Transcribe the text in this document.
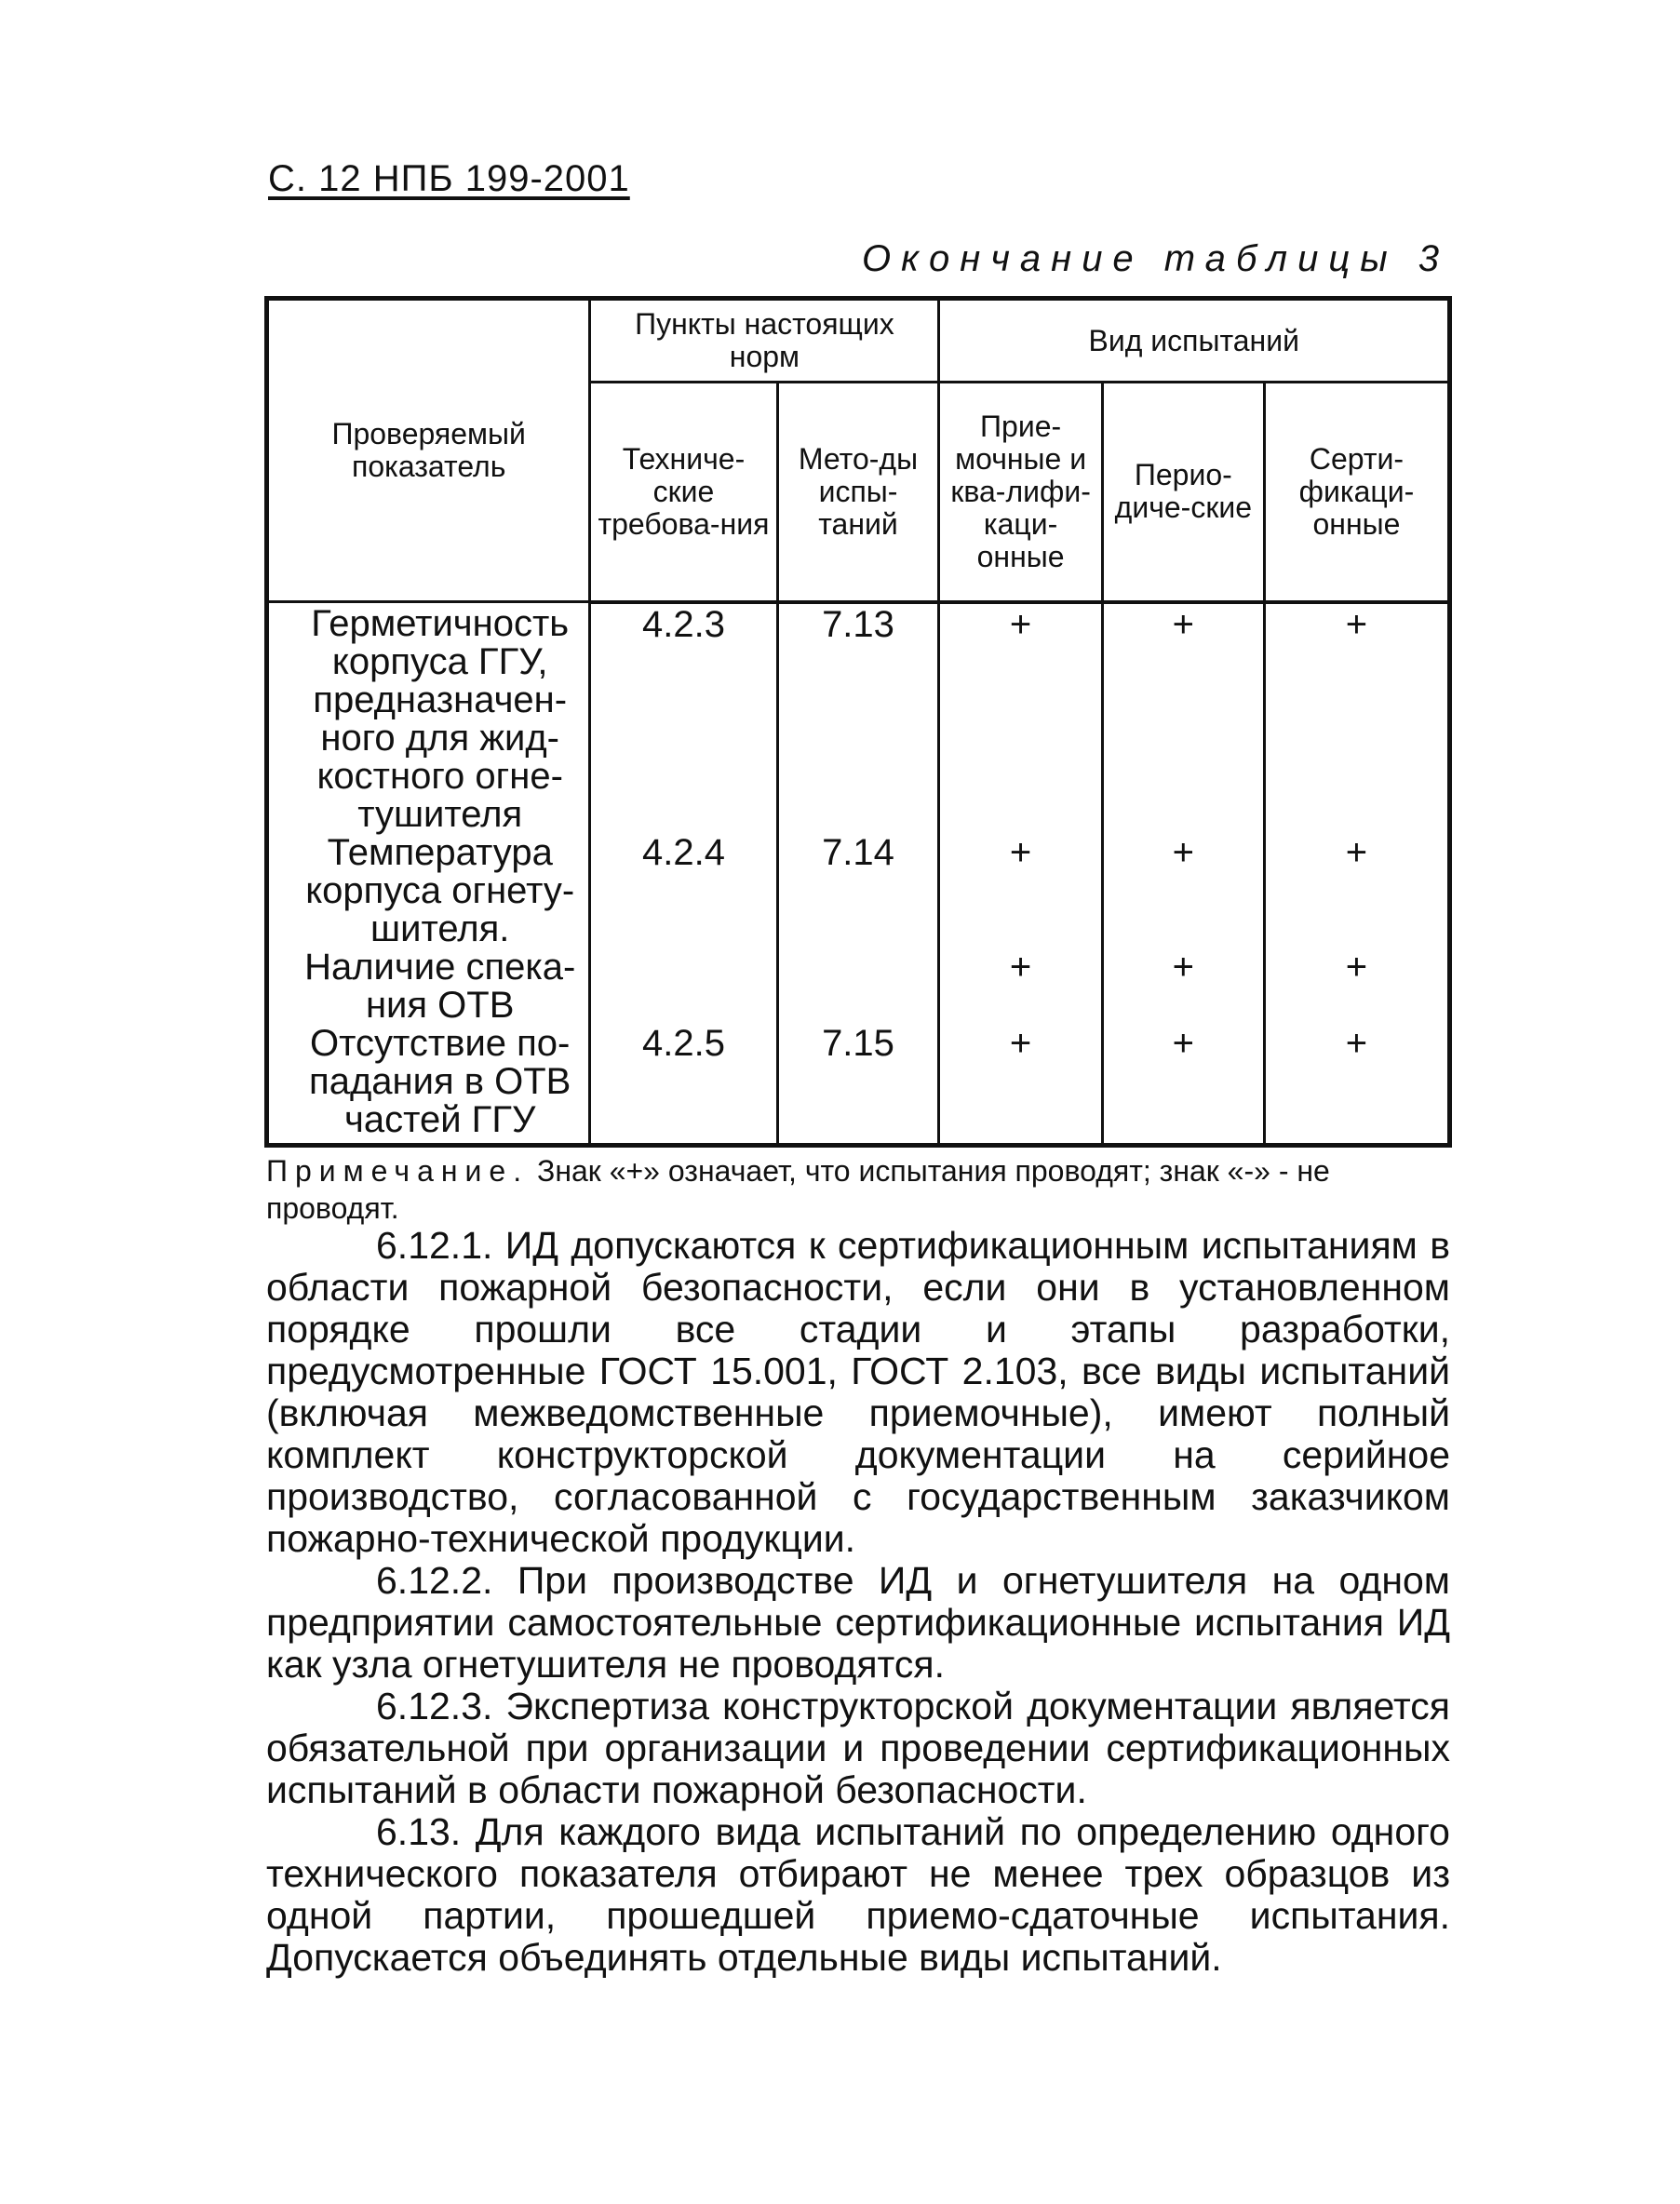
С. 12 НПБ 199-2001
Окончание таблицы 3
Проверяемый показатель	Пункты настоящих норм		Вид испытаний		
	Техниче-ские требова-ния	Мето-ды испы-таний	Прие-мочные и ква-лифи-каци-онные	Перио-диче-ские	Серти-фикаци-онные
Герметичность корпуса ГГУ, предназначен-ного для жид-костного огне-тушителя	4.2.3	7.13	+	+	+
Температура корпуса огнету-шителя.	4.2.4	7.14	+	+	+
Наличие спека-ния ОТВ			+	+	+
Отсутствие по-падания в ОТВ частей ГГУ	4.2.5	7.15	+	+	+
Примечание. Знак «+» означает, что испытания проводят; знак «-» - не проводят.

6.12.1. ИД допускаются к сертификационным испытаниям в области пожарной безопасности, если они в установленном порядке прошли все стадии и этапы разработки, предусмотренные ГОСТ 15.001, ГОСТ 2.103, все виды испытаний (включая межведомственные приемочные), имеют полный комплект конструкторской документации на серийное производство, согласованной с государственным заказчиком пожарно-технической продукции.

6.12.2. При производстве ИД и огнетушителя на одном предприятии самостоятельные сертификационные испытания ИД как узла огнетушителя не проводятся.

6.12.3. Экспертиза конструкторской документации является обязательной при организации и проведении сертификационных испытаний в области пожарной безопасности.

6.13. Для каждого вида испытаний по определению одного технического показателя отбирают не менее трех образцов из одной партии, прошедшей приемо-сдаточные испытания. Допускается объединять отдельные виды испытаний.
